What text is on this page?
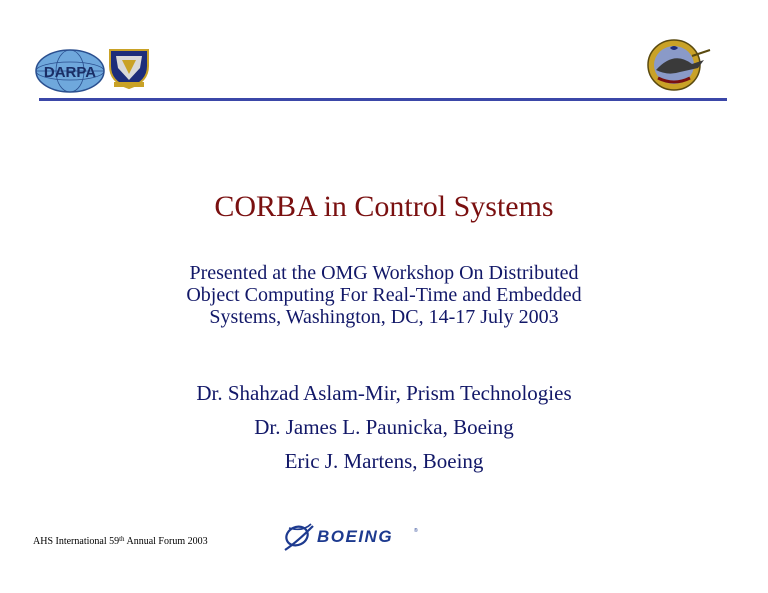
DARPA
CORBA in Control Systems
Presented at the OMG Workshop On Distributed
Object Computing For Real-Time and Embedded
Systems, Washington, DC, 14-17 July 2003
Dr. Shahzad Aslam-Mir, Prism Technologies
Dr. James L. Paunicka, Boeing
Eric J. Martens, Boeing
AHS International 59th Annual Forum 2003	BOEING	®
